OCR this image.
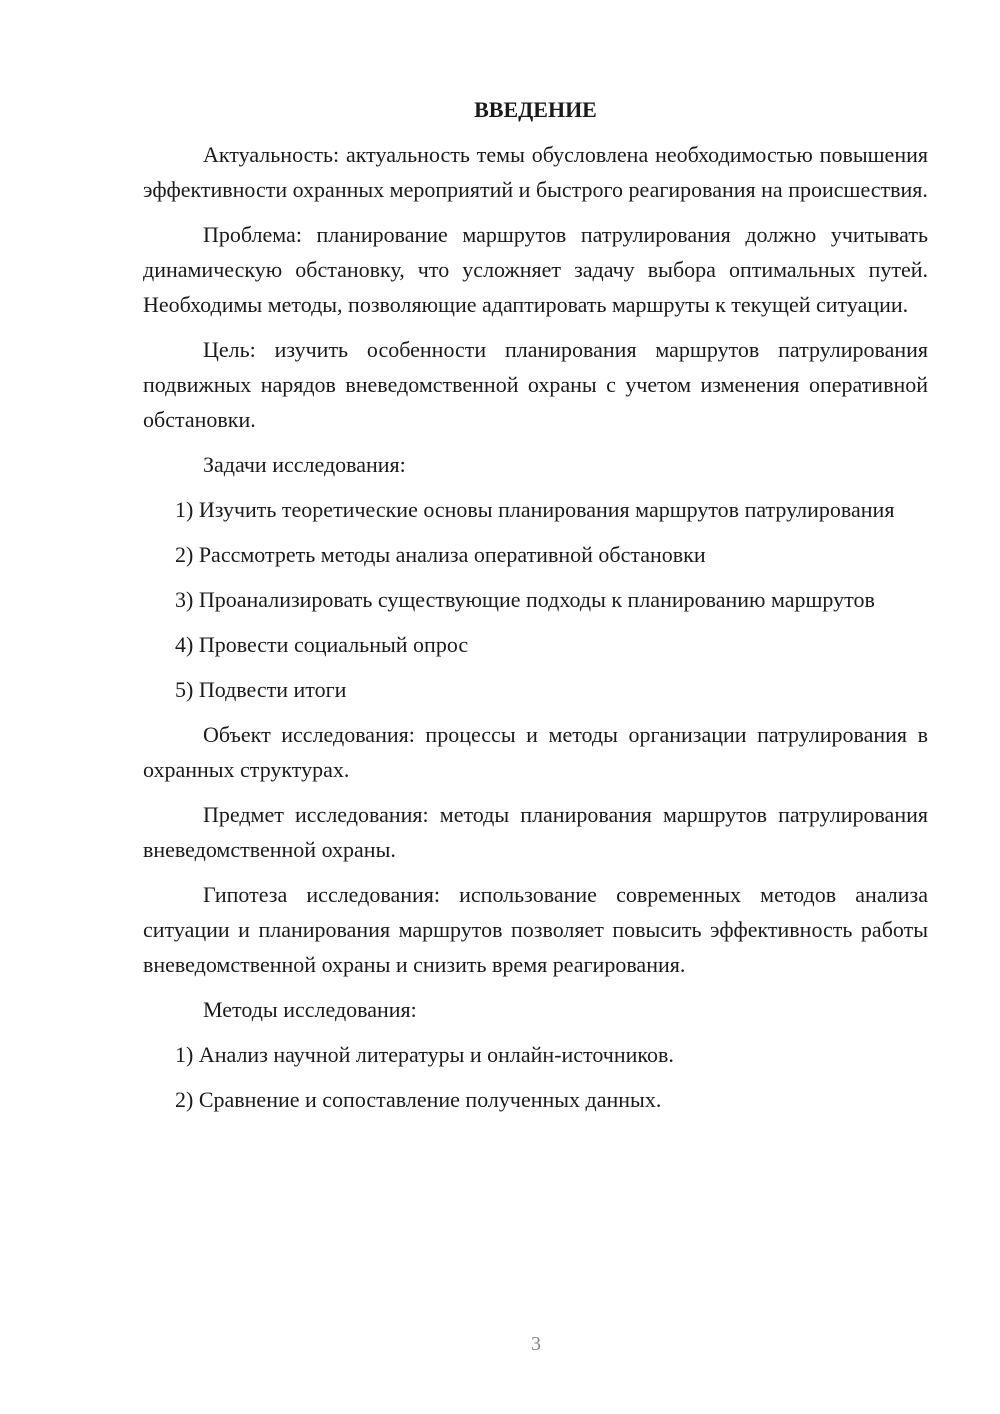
ВВЕДЕНИЕ

Актуальность: актуальность темы обусловлена необходимостью повышения эффективности охранных мероприятий и быстрого реагирования на происшествия.

Проблема: планирование маршрутов патрулирования должно учитывать динамическую обстановку, что усложняет задачу выбора оптимальных путей. Необходимы методы, позволяющие адаптировать маршруты к текущей ситуации.

Цель: изучить особенности планирования маршрутов патрулирования подвижных нарядов вневедомственной охраны с учетом изменения оперативной обстановки.

Задачи исследования:

1) Изучить теоретические основы планирования маршрутов патрулирования

2) Рассмотреть методы анализа оперативной обстановки

3) Проанализировать существующие подходы к планированию маршрутов

4) Провести социальный опрос

5) Подвести итоги

Объект исследования: процессы и методы организации патрулирования в охранных структурах.

Предмет исследования: методы планирования маршрутов патрулирования вневедомственной охраны.

Гипотеза исследования: использование современных методов анализа ситуации и планирования маршрутов позволяет повысить эффективность работы вневедомственной охраны и снизить время реагирования.

Методы исследования:

1) Анализ научной литературы и онлайн-источников.

2) Сравнение и сопоставление полученных данных.

3
